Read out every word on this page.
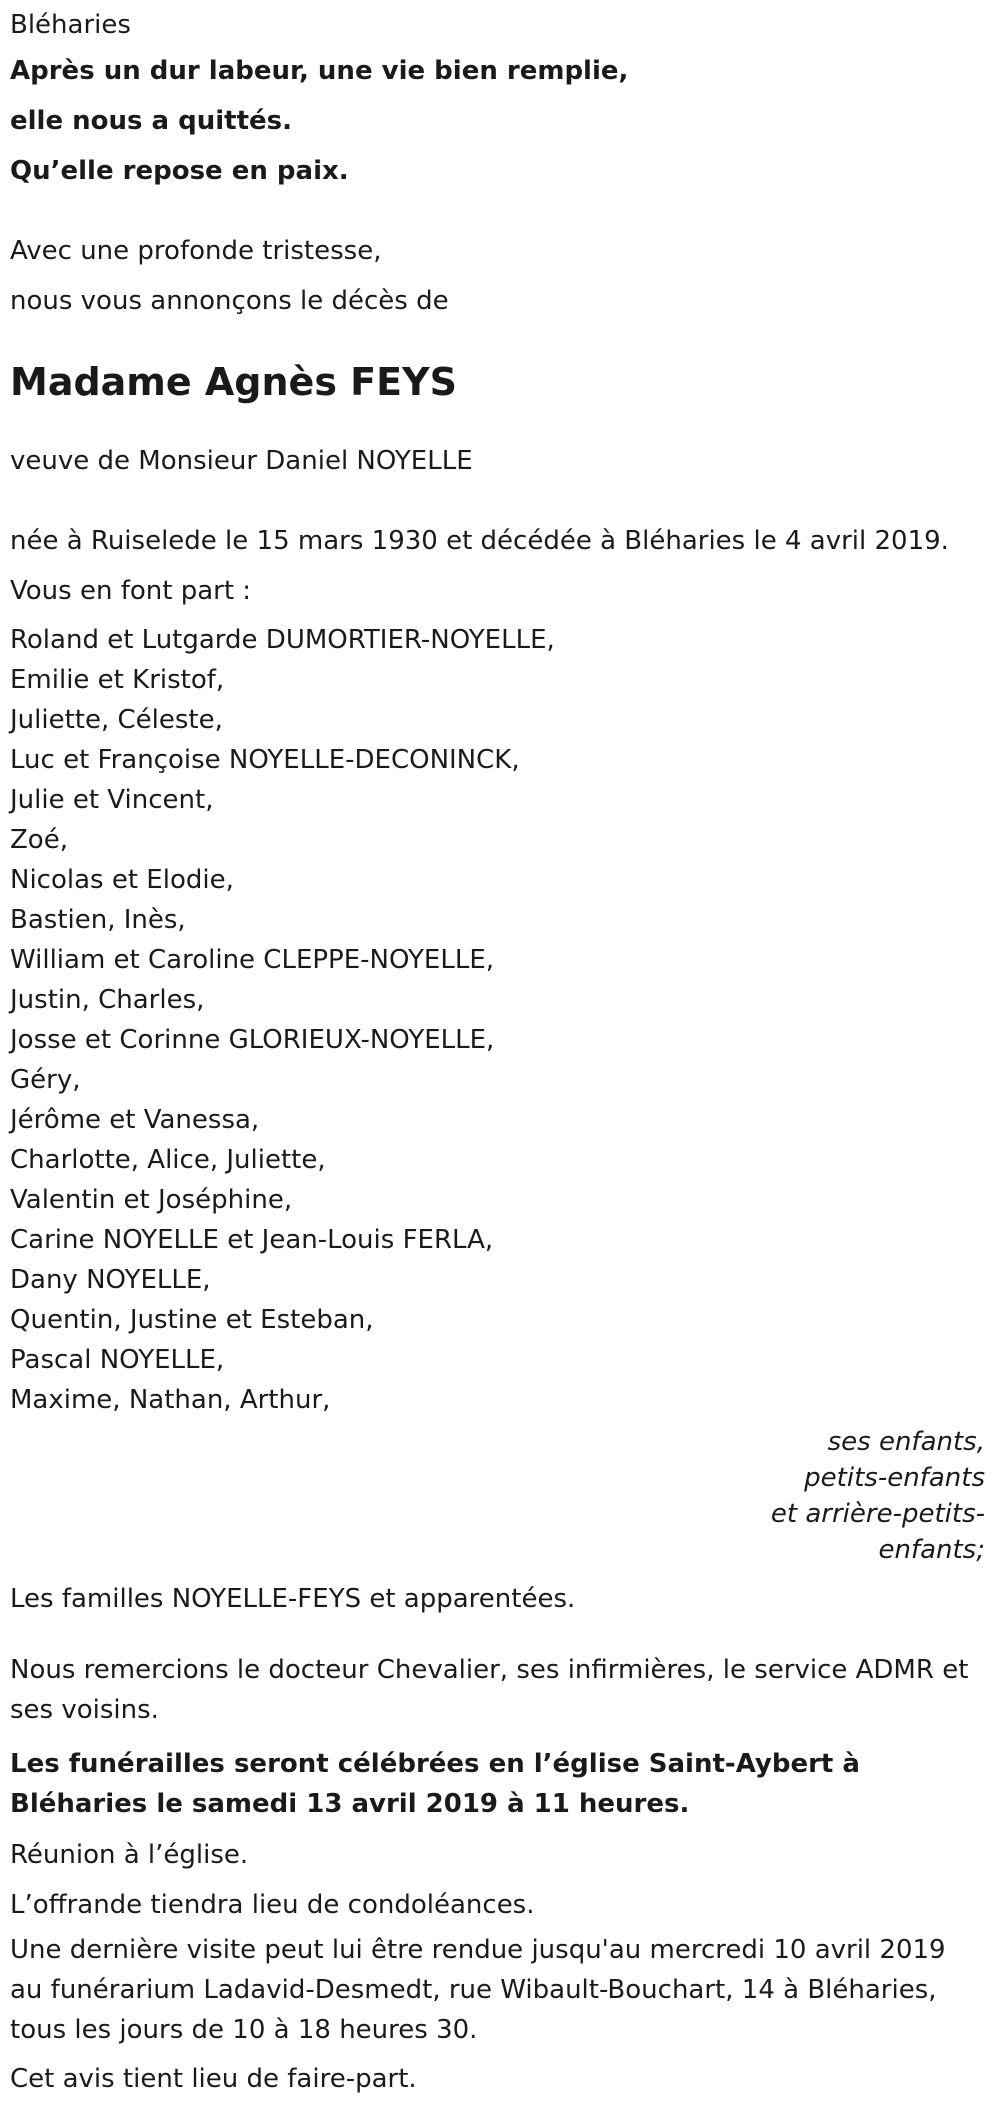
Bléharies
Après un dur labeur, une vie bien remplie,
elle nous a quittés.
Qu’elle repose en paix.
Avec une profonde tristesse,
nous vous annonçons le décès de
Madame Agnès FEYS
veuve de Monsieur Daniel NOYELLE
née à Ruiselede le 15 mars 1930 et décédée à Bléharies le 4 avril 2019.
Vous en font part :
Roland et Lutgarde DUMORTIER-NOYELLE,
Emilie et Kristof,
Juliette, Céleste,
Luc et Françoise NOYELLE-DECONINCK,
Julie et Vincent,
Zoé,
Nicolas et Elodie,
Bastien, Inès,
William et Caroline CLEPPE-NOYELLE,
Justin, Charles,
Josse et Corinne GLORIEUX-NOYELLE,
Géry,
Jérôme et Vanessa,
Charlotte, Alice, Juliette,
Valentin et Joséphine,
Carine NOYELLE et Jean-Louis FERLA,
Dany NOYELLE,
Quentin, Justine et Esteban,
Pascal NOYELLE,
Maxime, Nathan, Arthur,
ses enfants, petits-enfants
et arrière-petits-enfants;
Les familles NOYELLE-FEYS et apparentées.
Nous remercions le docteur Chevalier, ses infirmières, le service ADMR et ses voisins.
Les funérailles seront célébrées en l’église Saint-Aybert à Bléharies le samedi 13 avril 2019 à 11 heures.
Réunion à l’église.
L’offrande tiendra lieu de condoléances.
Une dernière visite peut lui être rendue jusqu'au mercredi 10 avril 2019 au funérarium Ladavid-Desmedt, rue Wibault-Bouchart, 14 à Bléharies, tous les jours de 10 à 18 heures 30.
Cet avis tient lieu de faire-part.
